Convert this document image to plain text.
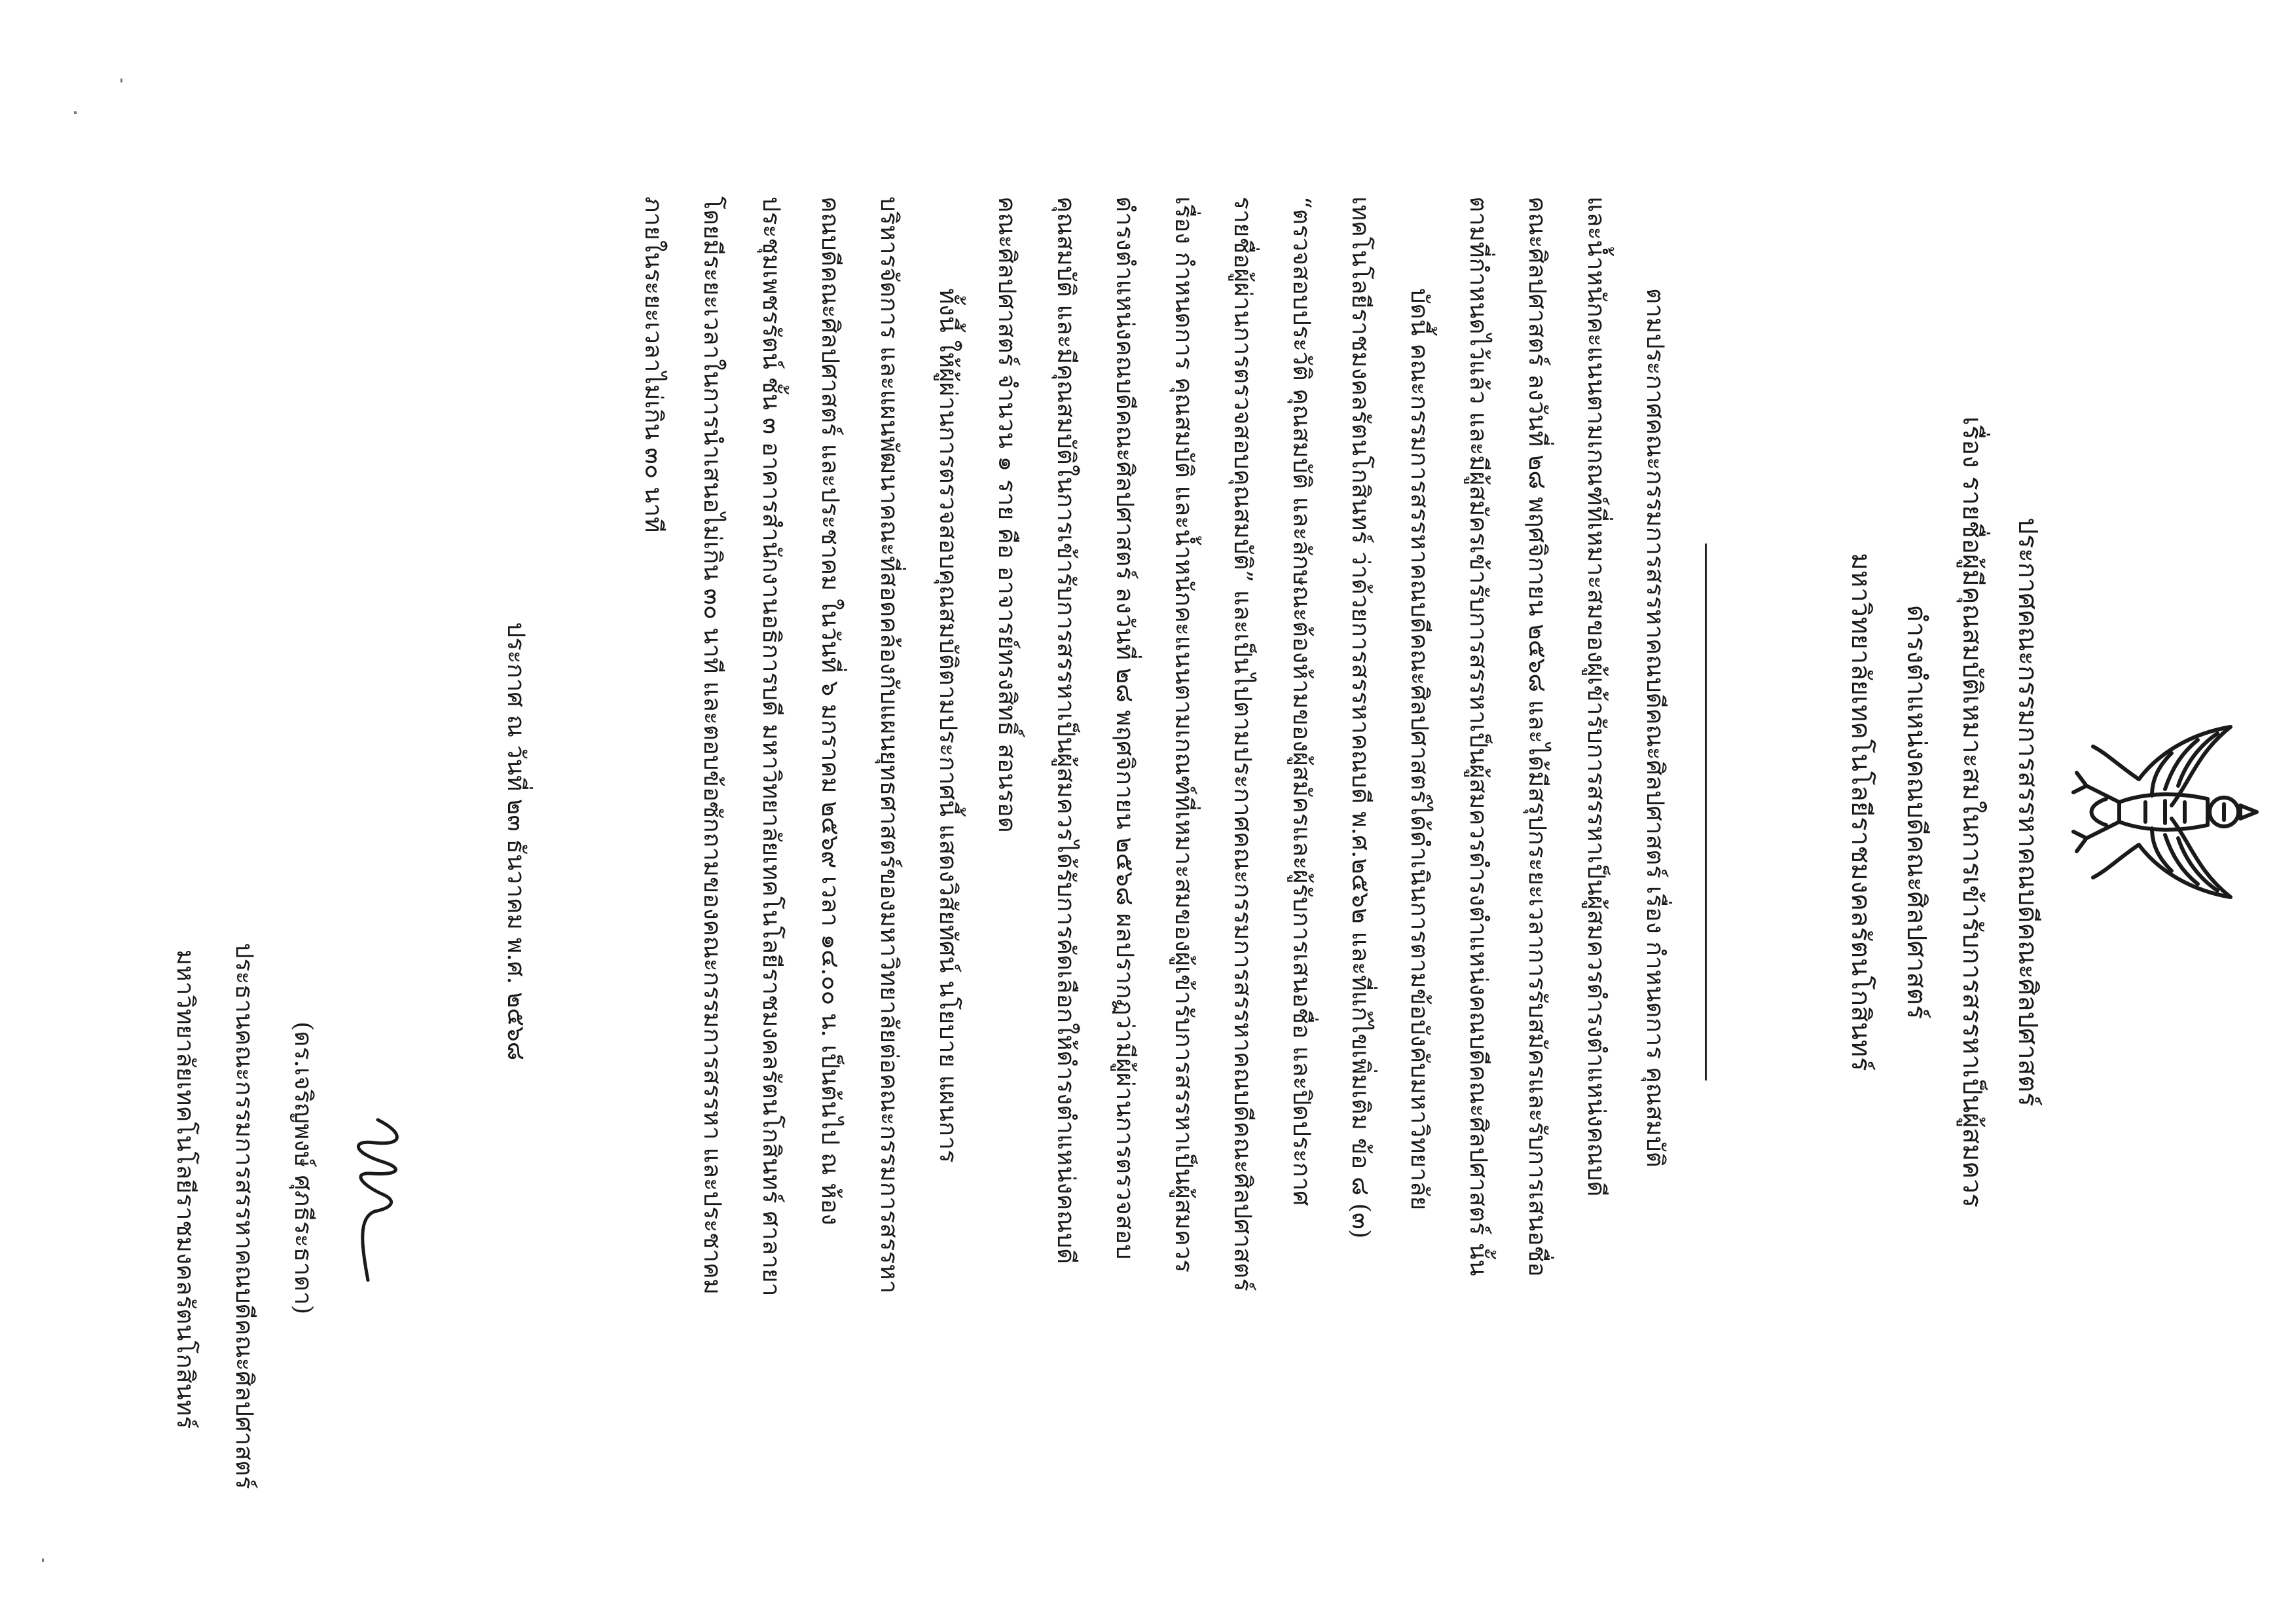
ประกาศคณะกรรมการสรรหาคณบดีคณะศิลปศาสตร์
เรื่อง รายชื่อผู้มีคุณสมบัติเหมาะสมในการเข้ารับการสรรหาเป็นผู้สมควร
ดำรงตำแหน่งคณบดีคณะศิลปศาสตร์
มหาวิทยาลัยเทคโนโลยีราชมงคลรัตนโกสินทร์
ตามประกาศคณะกรรมการสรรหาคณบดีคณะศิลปศาสตร์ เรื่อง กำหนดการ คุณสมบัติ
และน้ำหนักคะแนนตามเกณฑ์ที่เหมาะสมของผู้เข้ารับการสรรหาเป็นผู้สมควรดำรงตำแหน่งคณบดี
คณะศิลปศาสตร์ ลงวันที่ ๒๘ พฤศจิกายน ๒๕๖๘ และได้มีสรุปกระยะเวลาการรับสมัครและรับการเสนอชื่อ
ตามที่กำหนดไว้แล้ว และมีผู้สมัครเข้ารับการสรรหาเป็นผู้สมควรดำรงตำแหน่งคณบดีคณะศิลปศาสตร์ นั้น
บัดนี้ คณะกรรมการสรรหาคณบดีคณะศิลปศาสตร์ได้ดำเนินการตามข้อบังคับมหาวิทยาลัย
เทคโนโลยีราชมงคลรัตนโกสินทร์ ว่าด้วยการสรรหาคณบดี พ.ศ.๒๕๖๒ และที่แก้ไขเพิ่มเติม ข้อ ๘ (๓)
“ตรวจสอบประวัติ คุณสมบัติ และลักษณะต้องห้ามของผู้สมัครและผู้รับการเสนอชื่อ และปิดประกาศ
รายชื่อผู้ผ่านการตรวจสอบคุณสมบัติ” และเป็นไปตามประกาศคณะกรรมการสรรหาคณบดีคณะศิลปศาสตร์
เรื่อง กำหนดการ คุณสมบัติ และน้ำหนักคะแนนตามเกณฑ์ที่เหมาะสมของผู้เข้ารับการสรรหาเป็นผู้สมควร
ดำรงตำแหน่งคณบดีคณะศิลปศาสตร์ ลงวันที่ ๒๘ พฤศจิกายน ๒๕๖๘ ผลปรากฏว่ามีผู้ผ่านการตรวจสอบ
คุณสมบัติ และมีคุณสมบัติในการเข้ารับการสรรหาเป็นผู้สมควรได้รับการคัดเลือกให้ดำรงตำแหน่งคณบดี
คณะศิลปศาสตร์ จำนวน ๑ ราย คือ อาจารย์ทรงสิทธิ์ สอนรอด
ทั้งนี้ ให้ผู้ผ่านการตรวจสอบคุณสมบัติตามประกาศนี้ แสดงวิสัยทัศน์ นโยบาย แผนการ
บริหารจัดการ และแผนพัฒนาคณะที่สอดคล้องกับแผนยุทธศาสตร์ของมหาวิทยาลัยต่อคณะกรรมการสรรหา
คณบดีคณะศิลปศาสตร์ และประชาคม ในวันที่ ๖ มกราคม ๒๕๖๙ เวลา ๑๔.๐๐ น. เป็นต้นไป ณ ห้อง
ประชุมเพชรรัตน์ ชั้น ๓ อาคารสำนักงานอธิการบดี มหาวิทยาลัยเทคโนโลยีราชมงคลรัตนโกสินทร์ ศาลายา
โดยมีระยะเวลาในการนำเสนอไม่เกิน ๓๐ นาที และตอบข้อซักถามของคณะกรรมการสรรหา และประชาคม
ภายในระยะเวลาไม่เกิน ๓๐ นาที
ประกาศ ณ วันที่ ๒๓ ธันวาคม พ.ศ. ๒๕๖๘
(ดร.เจริญพงษ์ ศุภธีระธาดา)
ประธานคณะกรรมการสรรหาคณบดีคณะศิลปศาสตร์
มหาวิทยาลัยเทคโนโลยีราชมงคลรัตนโกสินทร์
